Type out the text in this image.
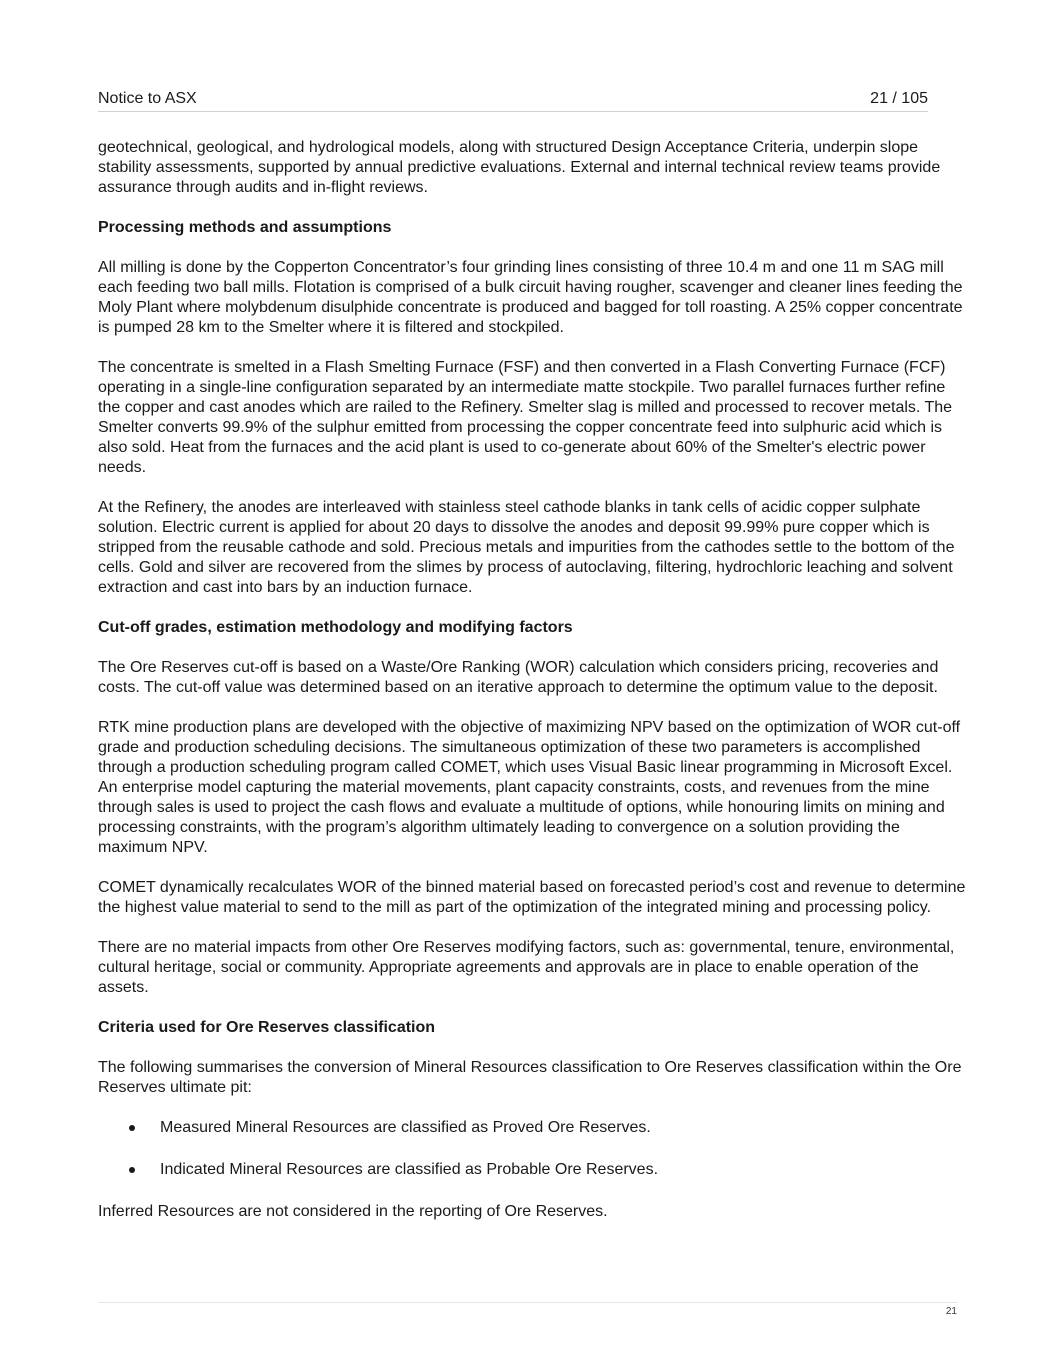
Notice to ASX	21 / 105

geotechnical, geological, and hydrological models, along with structured Design Acceptance Criteria, underpin slope stability assessments, supported by annual predictive evaluations. External and internal technical review teams provide assurance through audits and in-flight reviews.

Processing methods and assumptions

All milling is done by the Copperton Concentrator’s four grinding lines consisting of three 10.4 m and one 11 m SAG mill each feeding two ball mills. Flotation is comprised of a bulk circuit having rougher, scavenger and cleaner lines feeding the Moly Plant where molybdenum disulphide concentrate is produced and bagged for toll roasting. A 25% copper concentrate is pumped 28 km to the Smelter where it is filtered and stockpiled.

The concentrate is smelted in a Flash Smelting Furnace (FSF) and then converted in a Flash Converting Furnace (FCF) operating in a single-line configuration separated by an intermediate matte stockpile. Two parallel furnaces further refine the copper and cast anodes which are railed to the Refinery. Smelter slag is milled and processed to recover metals. The Smelter converts 99.9% of the sulphur emitted from processing the copper concentrate feed into sulphuric acid which is also sold. Heat from the furnaces and the acid plant is used to co-generate about 60% of the Smelter's electric power needs.

At the Refinery, the anodes are interleaved with stainless steel cathode blanks in tank cells of acidic copper sulphate solution. Electric current is applied for about 20 days to dissolve the anodes and deposit 99.99% pure copper which is stripped from the reusable cathode and sold. Precious metals and impurities from the cathodes settle to the bottom of the cells. Gold and silver are recovered from the slimes by process of autoclaving, filtering, hydrochloric leaching and solvent extraction and cast into bars by an induction furnace.

Cut-off grades, estimation methodology and modifying factors

The Ore Reserves cut-off is based on a Waste/Ore Ranking (WOR) calculation which considers pricing, recoveries and costs. The cut-off value was determined based on an iterative approach to determine the optimum value to the deposit.

RTK mine production plans are developed with the objective of maximizing NPV based on the optimization of WOR cut-off grade and production scheduling decisions. The simultaneous optimization of these two parameters is accomplished through a production scheduling program called COMET, which uses Visual Basic linear programming in Microsoft Excel. An enterprise model capturing the material movements, plant capacity constraints, costs, and revenues from the mine through sales is used to project the cash flows and evaluate a multitude of options, while honouring limits on mining and processing constraints, with the program’s algorithm ultimately leading to convergence on a solution providing the maximum NPV.

COMET dynamically recalculates WOR of the binned material based on forecasted period’s cost and revenue to determine the highest value material to send to the mill as part of the optimization of the integrated mining and processing policy.

There are no material impacts from other Ore Reserves modifying factors, such as: governmental, tenure, environmental, cultural heritage, social or community. Appropriate agreements and approvals are in place to enable operation of the assets.

Criteria used for Ore Reserves classification

The following summarises the conversion of Mineral Resources classification to Ore Reserves classification within the Ore Reserves ultimate pit:

Measured Mineral Resources are classified as Proved Ore Reserves.
Indicated Mineral Resources are classified as Probable Ore Reserves.

Inferred Resources are not considered in the reporting of Ore Reserves.

21
